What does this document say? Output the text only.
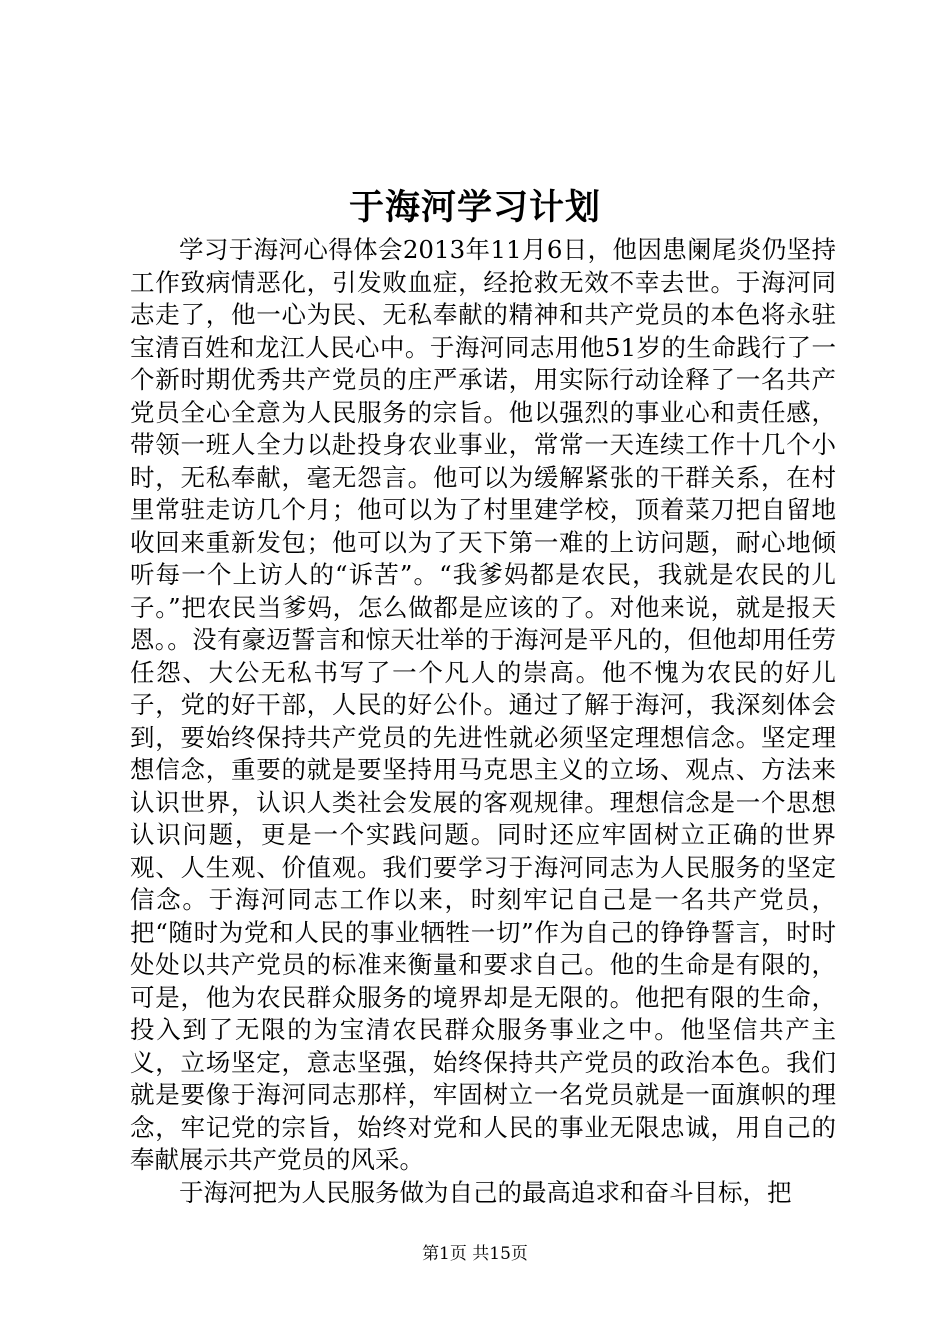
于海河学习计划

学习于海河心得体会2013年11月6日，他因患阑尾炎仍坚持工作致病情恶化，引发败血症，经抢救无效不幸去世。于海河同志走了，他一心为民、无私奉献的精神和共产党员的本色将永驻宝清百姓和龙江人民心中。于海河同志用他51岁的生命践行了一个新时期优秀共产党员的庄严承诺，用实际行动诠释了一名共产党员全心全意为人民服务的宗旨。他以强烈的事业心和责任感，带领一班人全力以赴投身农业事业，常常一天连续工作十几个小时，无私奉献，毫无怨言。他可以为缓解紧张的干群关系，在村里常驻走访几个月；他可以为了村里建学校，顶着菜刀把自留地收回来重新发包；他可以为了天下第一难的上访问题，耐心地倾听每一个上访人的“诉苦”。“我爹妈都是农民，我就是农民的儿子。”把农民当爹妈，怎么做都是应该的了。对他来说，就是报天恩。。没有豪迈誓言和惊天壮举的于海河是平凡的，但他却用任劳任怨、大公无私书写了一个凡人的崇高。他不愧为农民的好儿子，党的好干部，人民的好公仆。通过了解于海河，我深刻体会到，要始终保持共产党员的先进性就必须坚定理想信念。坚定理想信念，重要的就是要坚持用马克思主义的立场、观点、方法来认识世界，认识人类社会发展的客观规律。理想信念是一个思想认识问题，更是一个实践问题。同时还应牢固树立正确的世界观、人生观、价值观。我们要学习于海河同志为人民服务的坚定信念。于海河同志工作以来，时刻牢记自己是一名共产党员，把“随时为党和人民的事业牺牲一切”作为自己的铮铮誓言，时时处处以共产党员的标准来衡量和要求自己。他的生命是有限的，可是，他为农民群众服务的境界却是无限的。他把有限的生命，投入到了无限的为宝清农民群众服务事业之中。他坚信共产主义，立场坚定，意志坚强，始终保持共产党员的政治本色。我们就是要像于海河同志那样，牢固树立一名党员就是一面旗帜的理念，牢记党的宗旨，始终对党和人民的事业无限忠诚，用自己的奉献展示共产党员的风采。

于海河把为人民服务做为自己的最高追求和奋斗目标，把

第1页 共15页
